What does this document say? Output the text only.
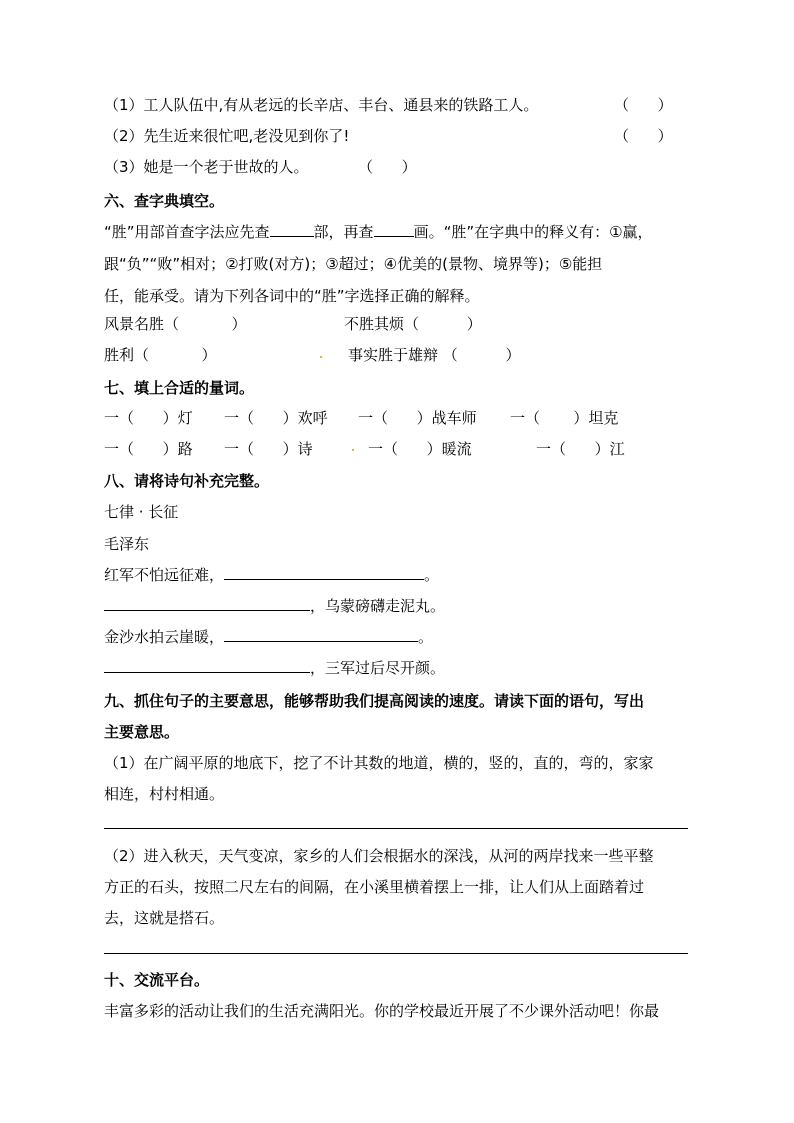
（1）工人队伍中,有从老远的长辛店、丰台、通县来的铁路工人。	（ ）
（2）先生近来很忙吧,老没见到你了!	（ ）
（3）她是一个老于世故的人。	（ ）
六、查字典填空。
“胜”用部首查字法应先查	部，再查	画。“胜”在字典中的释义有：①赢，
跟“负”“败”相对；②打败(对方)；③超过；④优美的(景物、境界等)；⑤能担
任，能承受。请为下列各词中的“胜”字选择正确的解释。
风景名胜（	）	不胜其烦（	）
胜利（	）	事实胜于雄辩 （	）
七、填上合适的量词。
一（ ）灯 一（ ）欢呼 一（ ）战车师 一（ ）坦克
一（ ）路 一（ ）诗	一（ ）暖流	一（ ）江
八、请将诗句补充完整。
七律 · 长征
毛泽东
红军不怕远征难，	。
，乌蒙磅礴走泥丸。
金沙水拍云崖暖，	。
，三军过后尽开颜。
九、抓住句子的主要意思，能够帮助我们提高阅读的速度。请读下面的语句，写出
主要意思。
（1）在广阔平原的地底下，挖了不计其数的地道，横的，竖的，直的，弯的，家家
相连，村村相通。
（2）进入秋天，天气变凉，家乡的人们会根据水的深浅，从河的两岸找来一些平整
方正的石头，按照二尺左右的间隔，在小溪里横着摆上一排，让人们从上面踏着过
去，这就是搭石。
十、交流平台。
丰富多彩的活动让我们的生活充满阳光。你的学校最近开展了不少课外活动吧！你最
